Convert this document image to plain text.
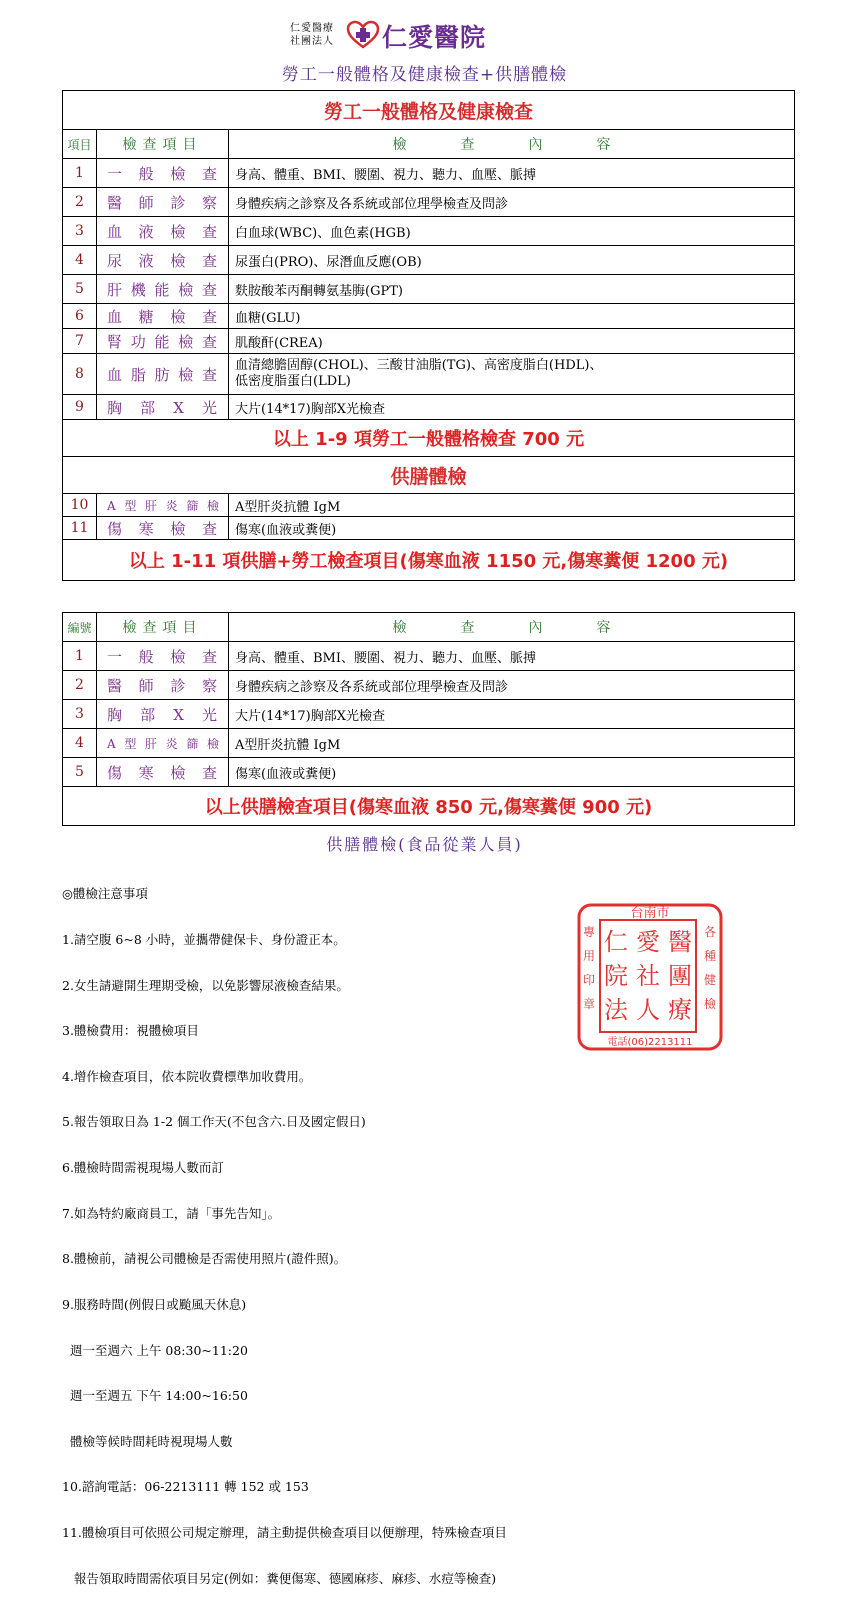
仁愛醫療
社團法人	仁愛醫院
勞工一般體格及健康檢查+供膳體檢
勞工一般體格及健康檢查		
項目	檢查項目	檢　查　內　容
1	一般檢查	身高、體重、BMI、腰圍、視力、聽力、血壓、脈搏
2	醫師診察	身體疾病之診察及各系統或部位理學檢查及問診
3	血液檢查	白血球(WBC)、血色素(HGB)
4	尿液檢查	尿蛋白(PRO)、尿潛血反應(OB)
5	肝機能檢查	麩胺酸苯丙酮轉氨基脢(GPT)
6	血糖檢查	血糖(GLU)
7	腎功能檢查	肌酸酐(CREA)
8	血脂肪檢查	血清總膽固醇(CHOL)、三酸甘油脂(TG)、高密度脂白(HDL)、
低密度脂蛋白(LDL)

9	胸部X光	大片(14*17)胸部X光檢查
以上 1-9 項勞工一般體格檢查 700 元		
供膳體檢		
10	A型肝炎篩檢	A型肝炎抗體 IgM
11	傷寒檢查	傷寒(血液或糞便)
以上 1-11 項供膳+勞工檢查項目(傷寒血液 1150 元,傷寒糞便 1200 元)		
編號	檢查項目	檢　查　內　容
1	一般檢查	身高、體重、BMI、腰圍、視力、聽力、血壓、脈搏
2	醫師診察	身體疾病之診察及各系統或部位理學檢查及問診
3	胸部X光	大片(14*17)胸部X光檢查
4	A型肝炎篩檢	A型肝炎抗體 IgM
5	傷寒檢查	傷寒(血液或糞便)
以上供膳檢查項目(傷寒血液 850 元,傷寒糞便 900 元)		
供膳體檢(食品從業人員)

◎體檢注意事項

1.請空腹 6~8 小時，並攜帶健保卡、身份證正本。

2.女生請避開生理期受檢，以免影響尿液檢查結果。

3.體檢費用：視體檢項目

4.增作檢查項目，依本院收費標準加收費用。

5.報告領取日為 1-2 個工作天(不包含六.日及國定假日)

6.體檢時間需視現場人數而訂

7.如為特約廠商員工，請「事先告知」。

8.體檢前，請視公司體檢是否需使用照片(證件照)。

9.服務時間(例假日或颱風天休息)

週一至週六 上午 08:30~11:20

週一至週五 下午 14:00~16:50

體檢等候時間耗時視現場人數

10.諮詢電話：06-2213111 轉 152 或 153

11.體檢項目可依照公司規定辦理，請主動提供檢查項目以便辦理，特殊檢查項目

報告領取時間需依項目另定(例如：糞便傷寒、德國麻疹、麻疹、水痘等檢查)

台南市
專
用
印
章
各
種
健
檢
仁 愛 醫
院 社 團
法 人 療
電話(06)2213111
